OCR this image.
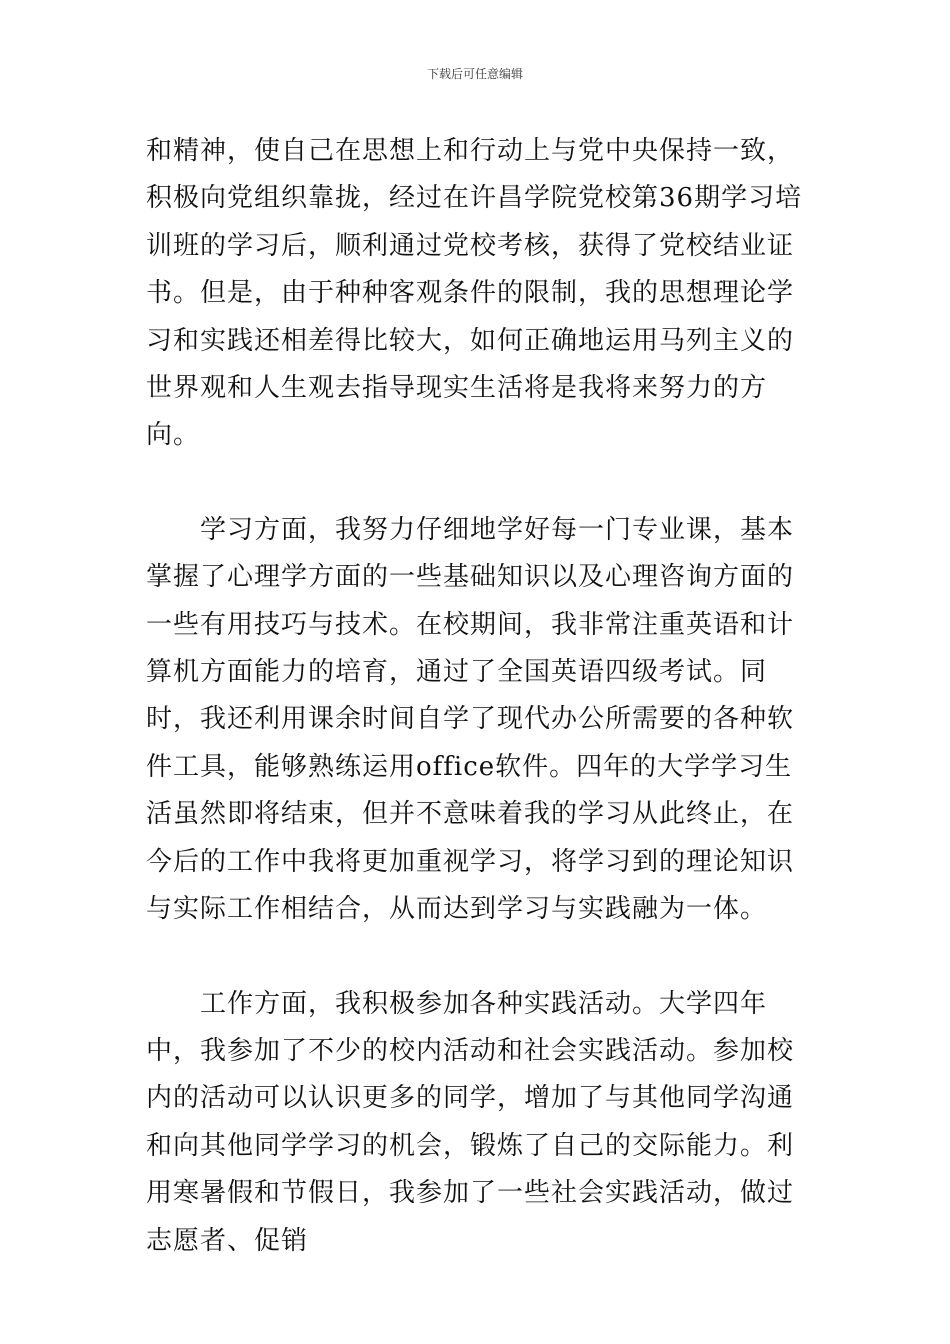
下载后可任意编辑

和精神，使自己在思想上和行动上与党中央保持一致，积极向党组织靠拢，经过在许昌学院党校第36期学习培训班的学习后，顺利通过党校考核，获得了党校结业证书。但是，由于种种客观条件的限制，我的思想理论学习和实践还相差得比较大，如何正确地运用马列主义的世界观和人生观去指导现实生活将是我将来努力的方向。

学习方面，我努力仔细地学好每一门专业课，基本掌握了心理学方面的一些基础知识以及心理咨询方面的一些有用技巧与技术。在校期间，我非常注重英语和计算机方面能力的培育，通过了全国英语四级考试。同时，我还利用课余时间自学了现代办公所需要的各种软件工具，能够熟练运用office软件。四年的大学学习生活虽然即将结束，但并不意味着我的学习从此终止，在今后的工作中我将更加重视学习，将学习到的理论知识与实际工作相结合，从而达到学习与实践融为一体。

工作方面，我积极参加各种实践活动。大学四年中，我参加了不少的校内活动和社会实践活动。参加校内的活动可以认识更多的同学，增加了与其他同学沟通和向其他同学学习的机会，锻炼了自己的交际能力。利用寒暑假和节假日，我参加了一些社会实践活动，做过志愿者、促销
